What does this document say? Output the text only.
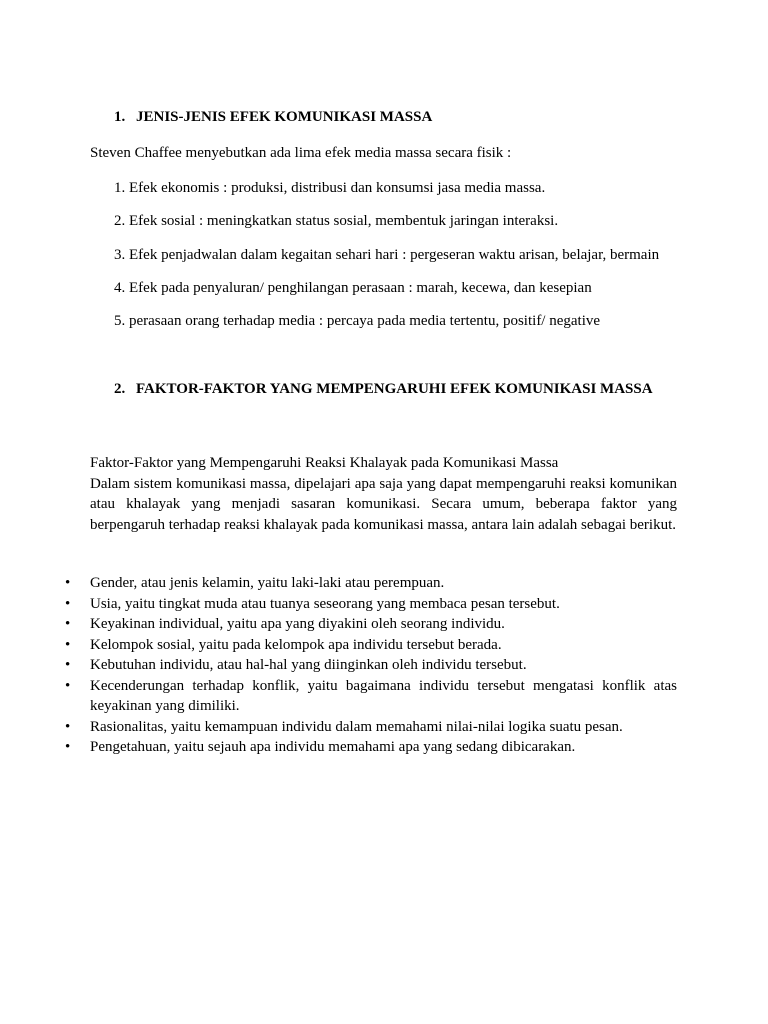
1. JENIS-JENIS EFEK KOMUNIKASI MASSA
Steven Chaffee menyebutkan ada lima efek media massa secara fisik :
1. Efek ekonomis : produksi, distribusi dan konsumsi jasa media massa.
2. Efek sosial : meningkatkan status sosial, membentuk jaringan interaksi.
3. Efek penjadwalan dalam kegaitan sehari hari : pergeseran waktu arisan, belajar, bermain
4. Efek pada penyaluran/ penghilangan perasaan : marah, kecewa, dan kesepian
5. perasaan orang terhadap media : percaya pada media tertentu, positif/ negative
2. FAKTOR-FAKTOR YANG MEMPENGARUHI EFEK KOMUNIKASI MASSA
Faktor-Faktor yang Mempengaruhi Reaksi Khalayak pada Komunikasi Massa
Dalam sistem komunikasi massa, dipelajari apa saja yang dapat mempengaruhi reaksi komunikan atau khalayak yang menjadi sasaran komunikasi. Secara umum, beberapa faktor yang berpengaruh terhadap reaksi khalayak pada komunikasi massa, antara lain adalah sebagai berikut.
• Gender, atau jenis kelamin, yaitu laki-laki atau perempuan.
• Usia, yaitu tingkat muda atau tuanya seseorang yang membaca pesan tersebut.
• Keyakinan individual, yaitu apa yang diyakini oleh seorang individu.
• Kelompok sosial, yaitu pada kelompok apa individu tersebut berada.
• Kebutuhan individu, atau hal-hal yang diinginkan oleh individu tersebut.
• Kecenderungan terhadap konflik, yaitu bagaimana individu tersebut mengatasi konflik atas keyakinan yang dimiliki.
• Rasionalitas, yaitu kemampuan individu dalam memahami nilai-nilai logika suatu pesan.
• Pengetahuan, yaitu sejauh apa individu memahami apa yang sedang dibicarakan.
